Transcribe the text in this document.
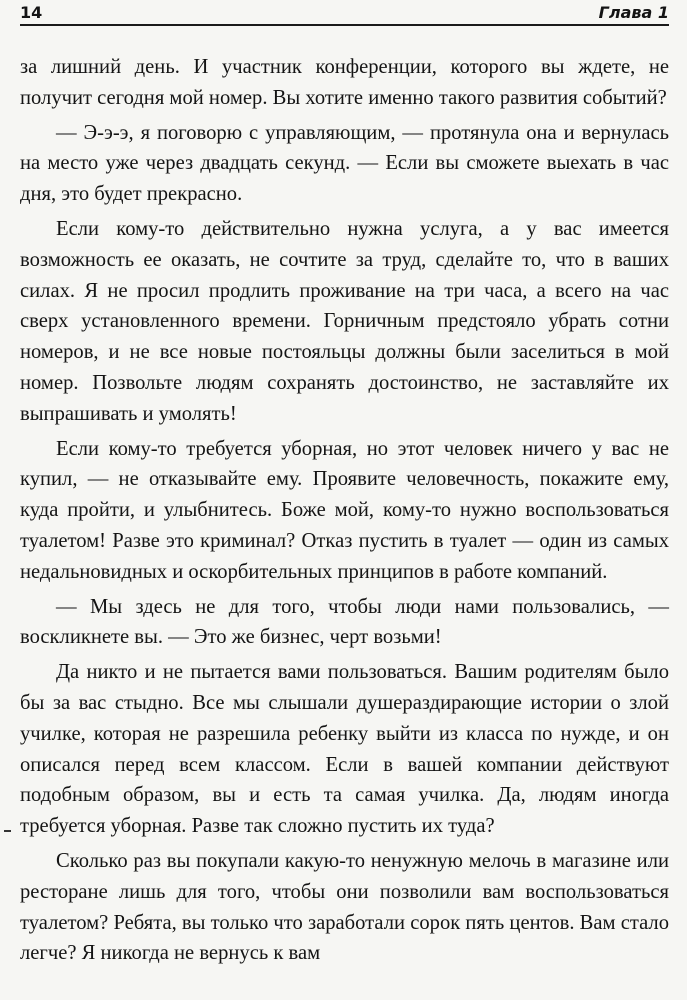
14	Глава 1

за лишний день. И участник конференции, которого вы ждете, не получит сегодня мой номер. Вы хотите именно такого развития событий?

— Э-э-э, я поговорю с управляющим, — протянула она и вернулась на место уже через двадцать секунд. — Если вы сможете выехать в час дня, это будет прекрасно.

Если кому-то действительно нужна услуга, а у вас имеется возможность ее оказать, не сочтите за труд, сделайте то, что в ваших силах. Я не просил продлить проживание на три часа, а всего на час сверх установленного времени. Горничным предстояло убрать сотни номеров, и не все новые постояльцы должны были заселиться в мой номер. Позвольте людям сохранять достоинство, не заставляйте их выпрашивать и умолять!

Если кому-то требуется уборная, но этот человек ничего у вас не купил, — не отказывайте ему. Проявите человечность, покажите ему, куда пройти, и улыбнитесь. Боже мой, кому-то нужно воспользоваться туалетом! Разве это криминал? Отказ пустить в туалет — один из самых недальновидных и оскорбительных принципов в работе компаний.

— Мы здесь не для того, чтобы люди нами пользовались, — воскликнете вы. — Это же бизнес, черт возьми!

Да никто и не пытается вами пользоваться. Вашим родителям было бы за вас стыдно. Все мы слышали душераздирающие истории о злой училке, которая не разрешила ребенку выйти из класса по нужде, и он описался перед всем классом. Если в вашей компании действуют подобным образом, вы и есть та самая училка. Да, людям иногда требуется уборная. Разве так сложно пустить их туда?

Сколько раз вы покупали какую-то ненужную мелочь в магазине или ресторане лишь для того, чтобы они позволили вам воспользоваться туалетом? Ребята, вы только что заработали сорок пять центов. Вам стало легче? Я никогда не вернусь к вам
